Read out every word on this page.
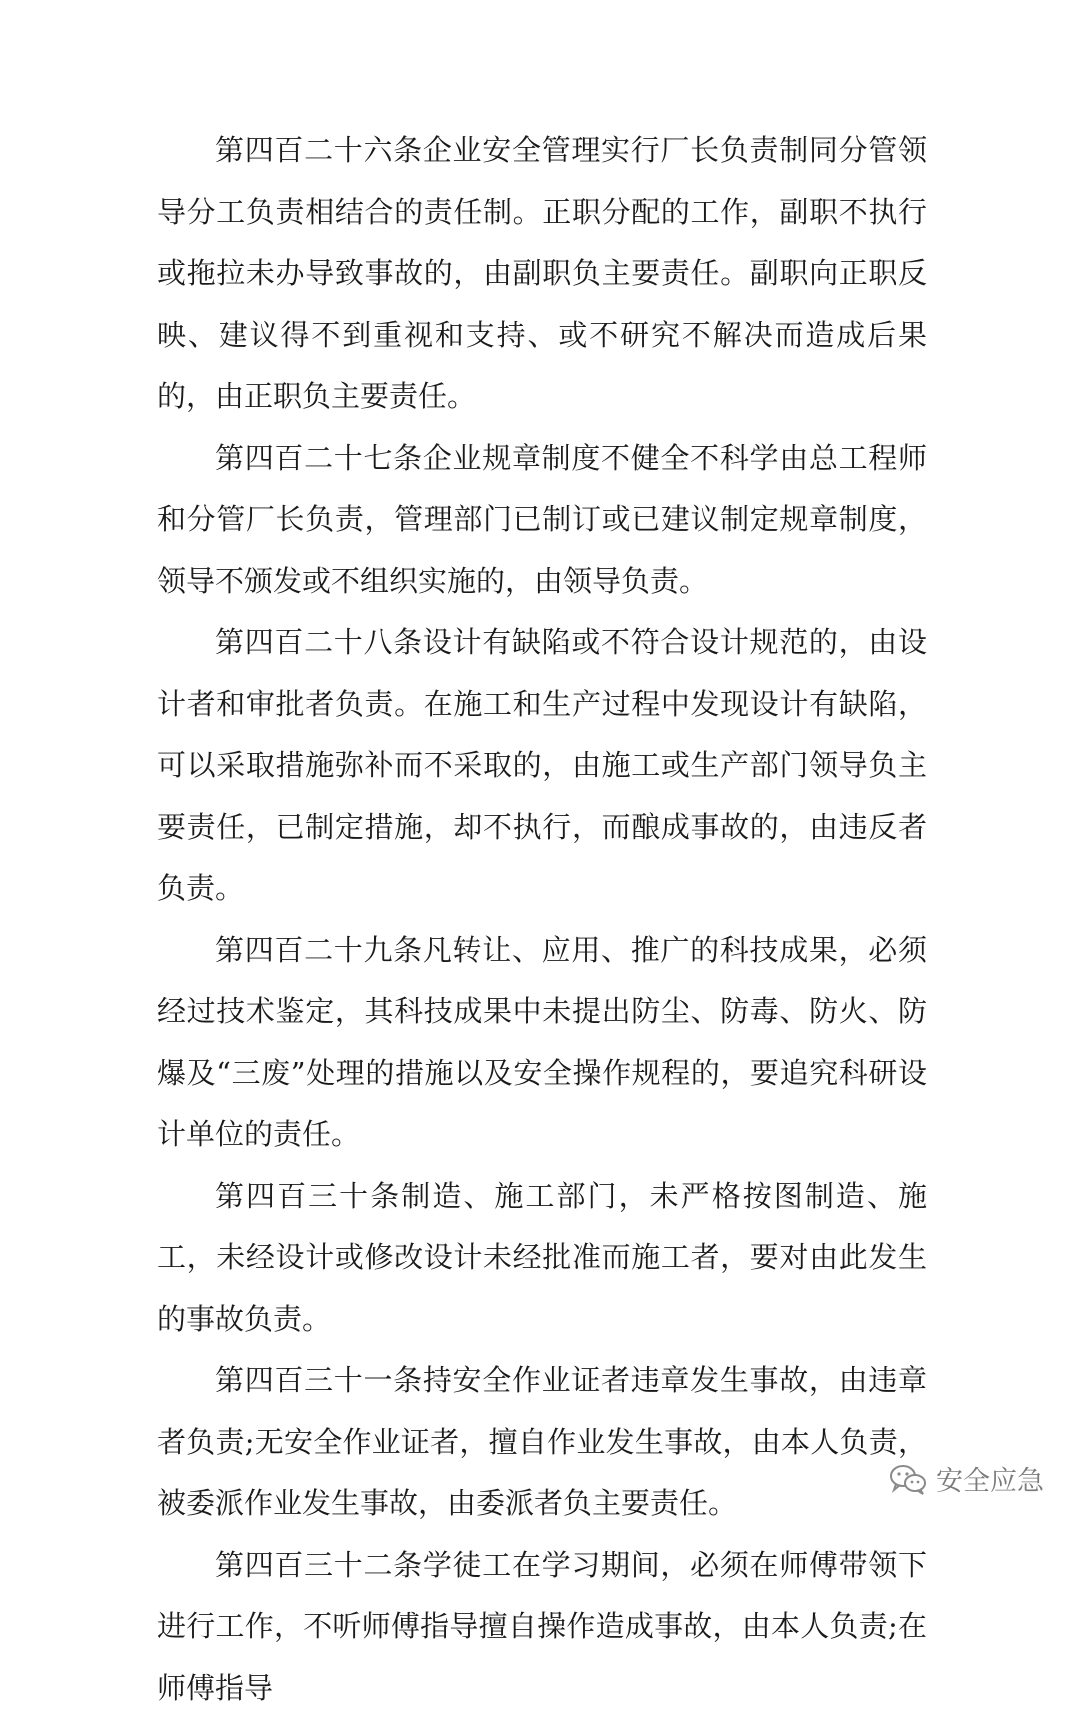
第四百二十六条企业安全管理实行厂长负责制同分管领导分工负责相结合的责任制。正职分配的工作，副职不执行或拖拉未办导致事故的，由副职负主要责任。副职向正职反映、建议得不到重视和支持、或不研究不解决而造成后果的，由正职负主要责任。

第四百二十七条企业规章制度不健全不科学由总工程师和分管厂长负责，管理部门已制订或已建议制定规章制度，领导不颁发或不组织实施的，由领导负责。

第四百二十八条设计有缺陷或不符合设计规范的，由设计者和审批者负责。在施工和生产过程中发现设计有缺陷，可以采取措施弥补而不采取的，由施工或生产部门领导负主要责任，已制定措施，却不执行，而酿成事故的，由违反者负责。

第四百二十九条凡转让、应用、推广的科技成果，必须经过技术鉴定，其科技成果中未提出防尘、防毒、防火、防爆及“三废”处理的措施以及安全操作规程的，要追究科研设计单位的责任。

第四百三十条制造、施工部门，未严格按图制造、施工，未经设计或修改设计未经批准而施工者，要对由此发生的事故负责。

第四百三十一条持安全作业证者违章发生事故，由违章者负责;无安全作业证者，擅自作业发生事故，由本人负责，被委派作业发生事故，由委派者负主要责任。

第四百三十二条学徒工在学习期间，必须在师傅带领下进行工作，不听师傅指导擅自操作造成事故，由本人负责;在师傅指导

安全应急
